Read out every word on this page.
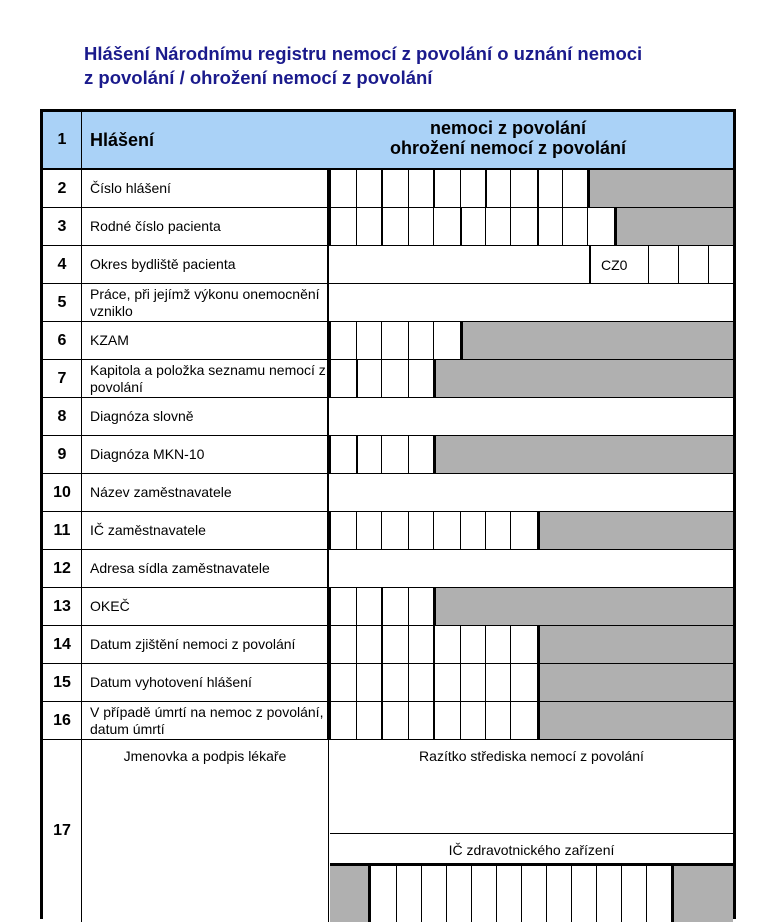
Hlášení Národnímu registru nemocí z povolání o uznání nemoci
z povolání / ohrožení nemocí z povolání
1	Hlášení
nemoci z povolání
ohrožení nemocí z povolání
2	Číslo hlášení
3	Rodné číslo pacienta
4	Okres bydliště pacienta	CZ0
5	Práce, při jejímž výkonu onemocnění vzniklo
6	KZAM
7	Kapitola a položka seznamu nemocí z povolání
8	Diagnóza slovně
9	Diagnóza MKN-10
10	Název zaměstnavatele
11	IČ zaměstnavatele
12	Adresa sídla zaměstnavatele
13	OKEČ
14	Datum zjištění nemoci z povolání
15	Datum vyhotovení hlášení
16	V případě úmrtí na nemoc z povolání, datum úmrtí
17
Jmenovka a podpis lékaře	Razítko střediska nemocí z povolání
IČ zdravotnického zařízení
